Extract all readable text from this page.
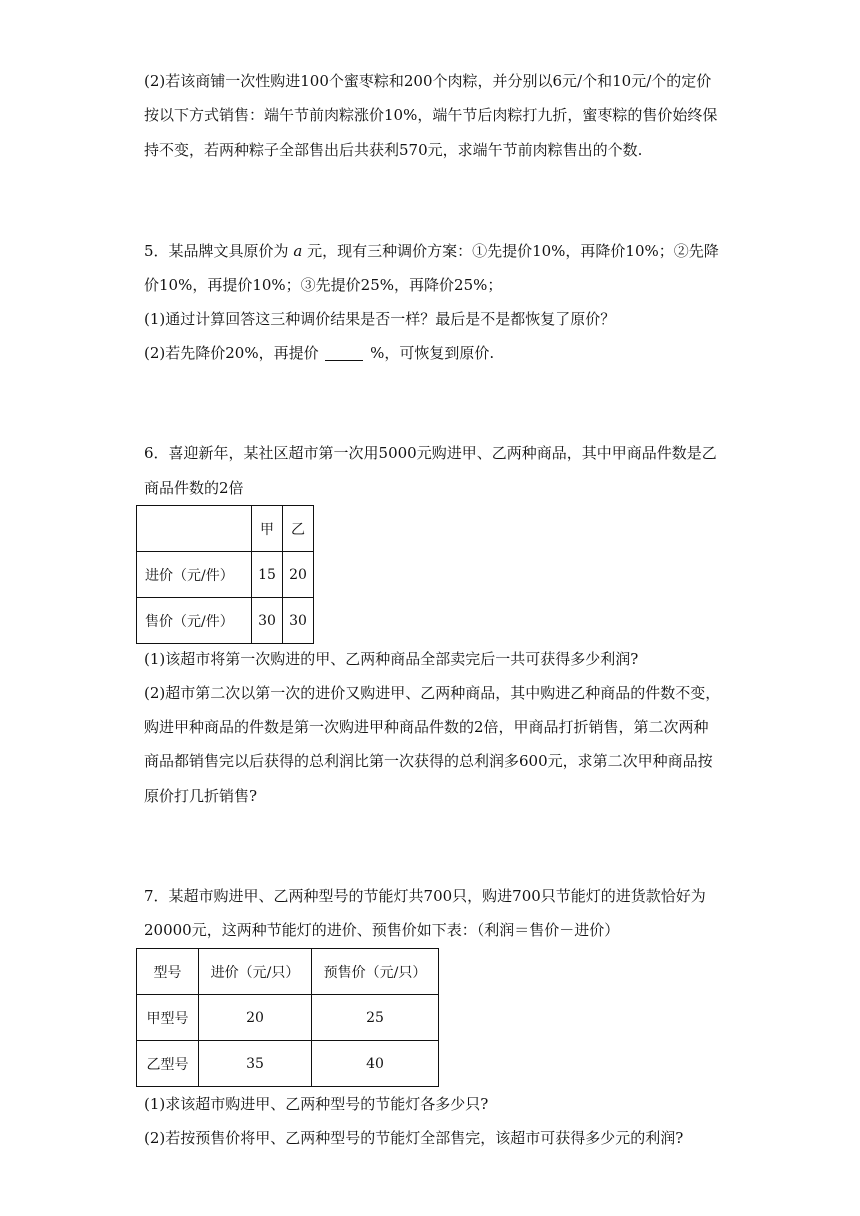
(2)若该商铺一次性购进100个蜜枣粽和200个肉粽，并分别以6元/个和10元/个的定价
按以下方式销售：端午节前肉粽涨价10%，端午节后肉粽打九折，蜜枣粽的售价始终保
持不变，若两种粽子全部售出后共获利570元，求端午节前肉粽售出的个数.
5．某品牌文具原价为 a 元，现有三种调价方案：①先提价10%，再降价10%；②先降
价10%，再提价10%；③先提价25%，再降价25%；
(1)通过计算回答这三种调价结果是否一样？最后是不是都恢复了原价？
(2)若先降价20%，再提价	%，可恢复到原价.
6．喜迎新年，某社区超市第一次用5000元购进甲、乙两种商品，其中甲商品件数是乙
商品件数的2倍
	甲	乙
进价（元/件）	15	20
售价（元/件）	30	30
(1)该超市将第一次购进的甲、乙两种商品全部卖完后一共可获得多少利润?
(2)超市第二次以第一次的进价又购进甲、乙两种商品，其中购进乙种商品的件数不变，
购进甲种商品的件数是第一次购进甲种商品件数的2倍，甲商品打折销售，第二次两种
商品都销售完以后获得的总利润比第一次获得的总利润多600元，求第二次甲种商品按
原价打几折销售?
7．某超市购进甲、乙两种型号的节能灯共700只，购进700只节能灯的进货款恰好为
20000元，这两种节能灯的进价、预售价如下表：（利润＝售价－进价）
型号	进价（元/只）	预售价（元/只）
甲型号	20	25
乙型号	35	40
(1)求该超市购进甲、乙两种型号的节能灯各多少只?
(2)若按预售价将甲、乙两种型号的节能灯全部售完，该超市可获得多少元的利润?
